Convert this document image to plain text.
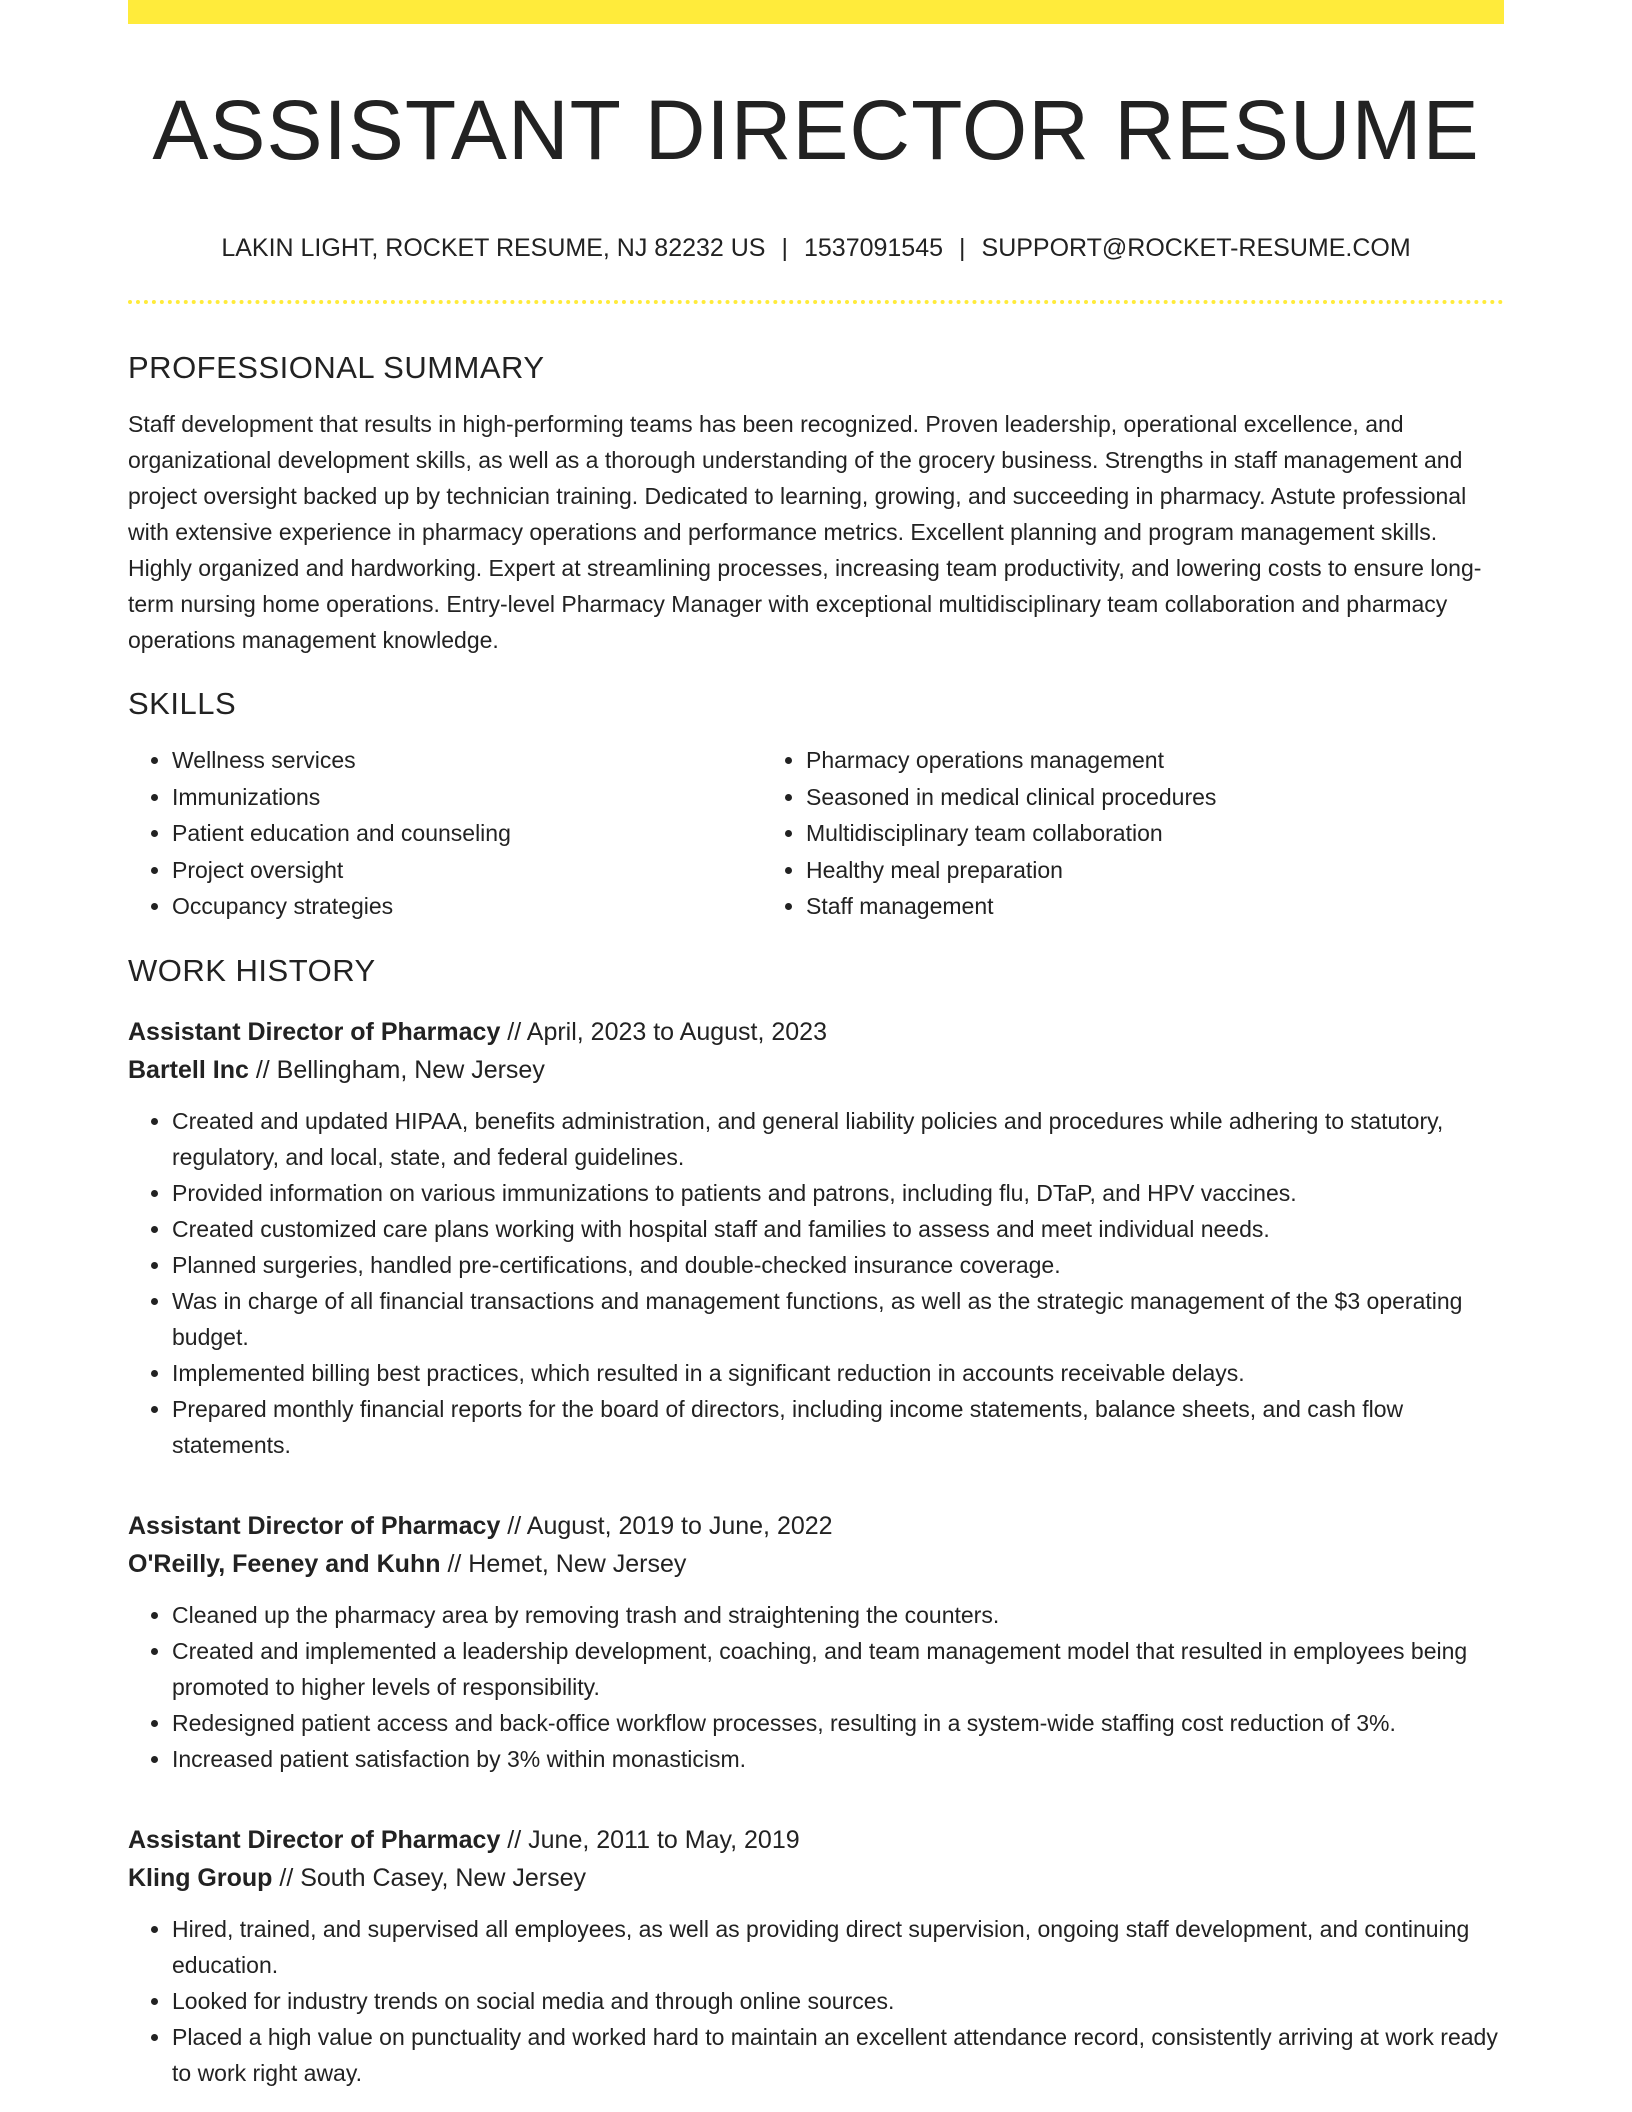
ASSISTANT DIRECTOR RESUME
LAKIN LIGHT, ROCKET RESUME, NJ 82232 US | 1537091545 | SUPPORT@ROCKET-RESUME.COM
PROFESSIONAL SUMMARY
Staff development that results in high-performing teams has been recognized. Proven leadership, operational excellence, and organizational development skills, as well as a thorough understanding of the grocery business. Strengths in staff management and project oversight backed up by technician training. Dedicated to learning, growing, and succeeding in pharmacy. Astute professional with extensive experience in pharmacy operations and performance metrics. Excellent planning and program management skills. Highly organized and hardworking. Expert at streamlining processes, increasing team productivity, and lowering costs to ensure long-term nursing home operations. Entry-level Pharmacy Manager with exceptional multidisciplinary team collaboration and pharmacy operations management knowledge.
SKILLS
• Wellness services
• Immunizations
• Patient education and counseling
• Project oversight
• Occupancy strategies
• Pharmacy operations management
• Seasoned in medical clinical procedures
• Multidisciplinary team collaboration
• Healthy meal preparation
• Staff management
WORK HISTORY
Assistant Director of Pharmacy // April, 2023 to August, 2023
Bartell Inc // Bellingham, New Jersey
• Created and updated HIPAA, benefits administration, and general liability policies and procedures while adhering to statutory, regulatory, and local, state, and federal guidelines.
• Provided information on various immunizations to patients and patrons, including flu, DTaP, and HPV vaccines.
• Created customized care plans working with hospital staff and families to assess and meet individual needs.
• Planned surgeries, handled pre-certifications, and double-checked insurance coverage.
• Was in charge of all financial transactions and management functions, as well as the strategic management of the $3 operating budget.
• Implemented billing best practices, which resulted in a significant reduction in accounts receivable delays.
• Prepared monthly financial reports for the board of directors, including income statements, balance sheets, and cash flow statements.
Assistant Director of Pharmacy // August, 2019 to June, 2022
O'Reilly, Feeney and Kuhn // Hemet, New Jersey
• Cleaned up the pharmacy area by removing trash and straightening the counters.
• Created and implemented a leadership development, coaching, and team management model that resulted in employees being promoted to higher levels of responsibility.
• Redesigned patient access and back-office workflow processes, resulting in a system-wide staffing cost reduction of 3%.
• Increased patient satisfaction by 3% within monasticism.
Assistant Director of Pharmacy // June, 2011 to May, 2019
Kling Group // South Casey, New Jersey
• Hired, trained, and supervised all employees, as well as providing direct supervision, ongoing staff development, and continuing education.
• Looked for industry trends on social media and through online sources.
• Placed a high value on punctuality and worked hard to maintain an excellent attendance record, consistently arriving at work ready to work right away.
